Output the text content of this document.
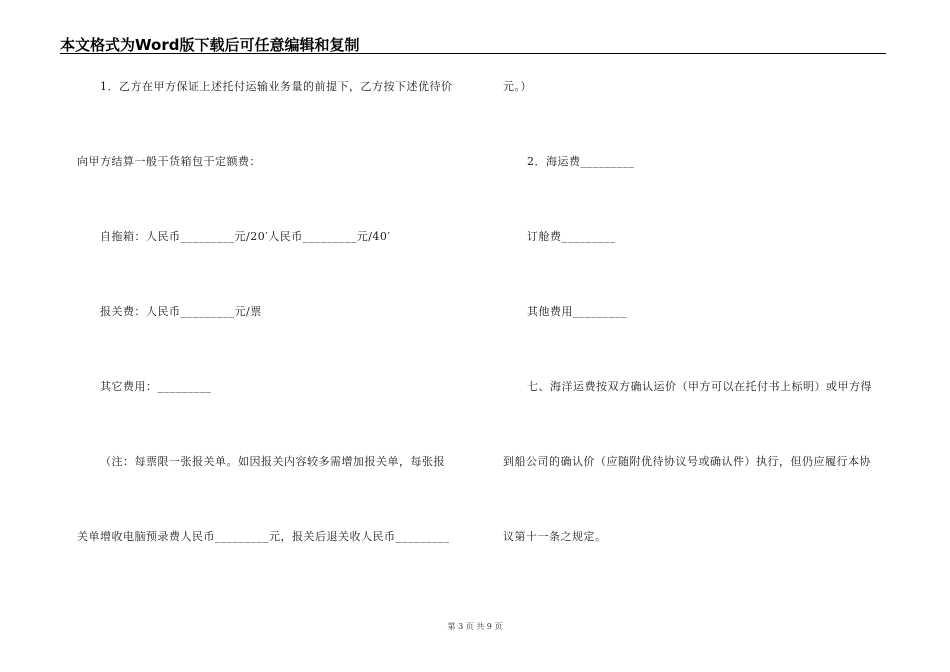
本文格式为Word版下载后可任意编辑和复制
1．乙方在甲方保证上述托付运输业务量的前提下，乙方按下述优待价
向甲方结算一般干货箱包干定额费：
自拖箱：人民币_________元/20′人民币_________元/40′
报关费：人民币_________元/票
其它费用：_________
（注：每票限一张报关单。如因报关内容较多需增加报关单，每张报
关单增收电脑预录费人民币_________元，报关后退关收人民币_________
元。）
2．海运费_________
订舱费_________
其他费用_________
七、海洋运费按双方确认运价（甲方可以在托付书上标明）或甲方得
到船公司的确认价（应随附优待协议号或确认件）执行，但仍应履行本协
议第十一条之规定。
第 3 页 共 9 页
